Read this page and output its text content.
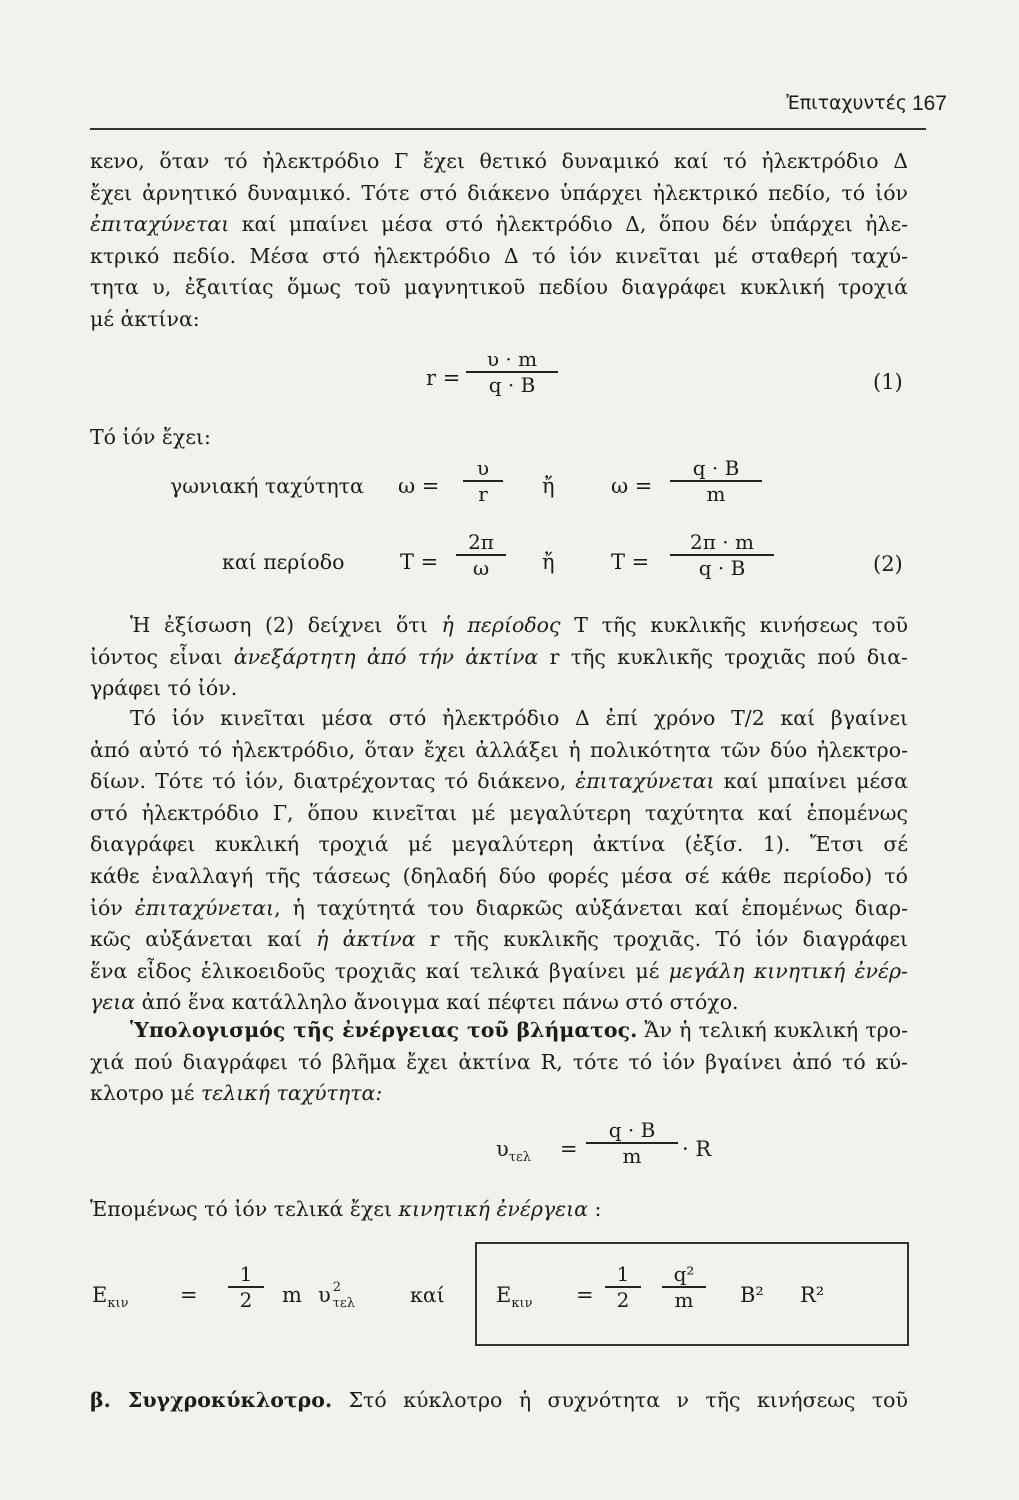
Ἐπιταχυντές 167
κενο, ὅταν τό ἠλεκτρόδιο Γ ἔχει θετικό δυναμικό καί τό ἠλεκτρόδιο Δ
ἔχει ἀρνητικό δυναμικό. Τότε στό διάκενο ὑπάρχει ἠλεκτρικό πεδίο, τό ἰόν
ἐπιταχύνεται καί μπαίνει μέσα στό ἠλεκτρόδιο Δ, ὅπου δέν ὑπάρχει ἠλε-
κτρικό πεδίο. Μέσα στό ἠλεκτρόδιο Δ τό ἰόν κινεῖται μέ σταθερή ταχύ-
τητα υ, ἐξαιτίας ὅμως τοῦ μαγνητικοῦ πεδίου διαγράφει κυκλική τροχιά
μέ ἀκτίνα:
r =
υ · m
q · B	(1)
Τό ἰόν ἔχει:
γωνιακή ταχύτητα ω =
υ
r	ἤ	ω =
q · B
m
καί περίοδο	T =
2π
ω	ἤ	T =
2π · m
q · B	(2)
Ἡ ἐξίσωση (2) δείχνει ὅτι ἡ περίοδος Τ τῆς κυκλικῆς κινήσεως τοῦ
ἰόντος εἶναι ἀνεξάρτητη ἀπό τήν ἀκτίνα r τῆς κυκλικῆς τροχιᾶς πού δια-
γράφει τό ἰόν.
Τό ἰόν κινεῖται μέσα στό ἠλεκτρόδιο Δ ἐπί χρόνο Τ/2 καί βγαίνει
ἀπό αὐτό τό ἠλεκτρόδιο, ὅταν ἔχει ἀλλάξει ἡ πολικότητα τῶν δύο ἠλεκτρο-
δίων. Τότε τό ἰόν, διατρέχοντας τό διάκενο, ἐπιταχύνεται καί μπαίνει μέσα
στό ἠλεκτρόδιο Γ, ὅπου κινεῖται μέ μεγαλύτερη ταχύτητα καί ἑπομένως
διαγράφει κυκλική τροχιά μέ μεγαλύτερη ἀκτίνα (ἐξίσ. 1). Ἔτσι σέ
κάθε ἐναλλαγή τῆς τάσεως (δηλαδή δύο φορές μέσα σέ κάθε περίοδο) τό
ἰόν ἐπιταχύνεται, ἡ ταχύτητά του διαρκῶς αὐξάνεται καί ἑπομένως διαρ-
κῶς αὐξάνεται καί ἡ ἀκτίνα r τῆς κυκλικῆς τροχιᾶς. Τό ἰόν διαγράφει
ἕνα εἶδος ἑλικοειδοῦς τροχιᾶς καί τελικά βγαίνει μέ μεγάλη κινητική ἐνέρ-
γεια ἀπό ἕνα κατάλληλο ἄνοιγμα καί πέφτει πάνω στό στόχο.
Ὑπολογισμός τῆς ἐνέργειας τοῦ βλήματος. Ἄν ἡ τελική κυκλική τρο-
χιά πού διαγράφει τό βλῆμα ἔχει ἀκτίνα R, τότε τό ἰόν βγαίνει ἀπό τό κύ-
κλοτρο μέ τελική ταχύτητα:
$\upsilon_{\tau\varepsilon\lambda}$ =
q · B
m	· R
Ἑπομένως τό ἰόν τελικά ἔχει κινητική ἐνέργεια :
$E_{\kappa\iota\nu}$ =
1
2	m υ 2
τελ	καί $E_{\kappa\iota\nu}$ =
1
2
q²
m	B² R²
β. Συγχροκύκλοτρο. Στό κύκλοτρο ἡ συχνότητα ν τῆς κινήσεως τοῦ
